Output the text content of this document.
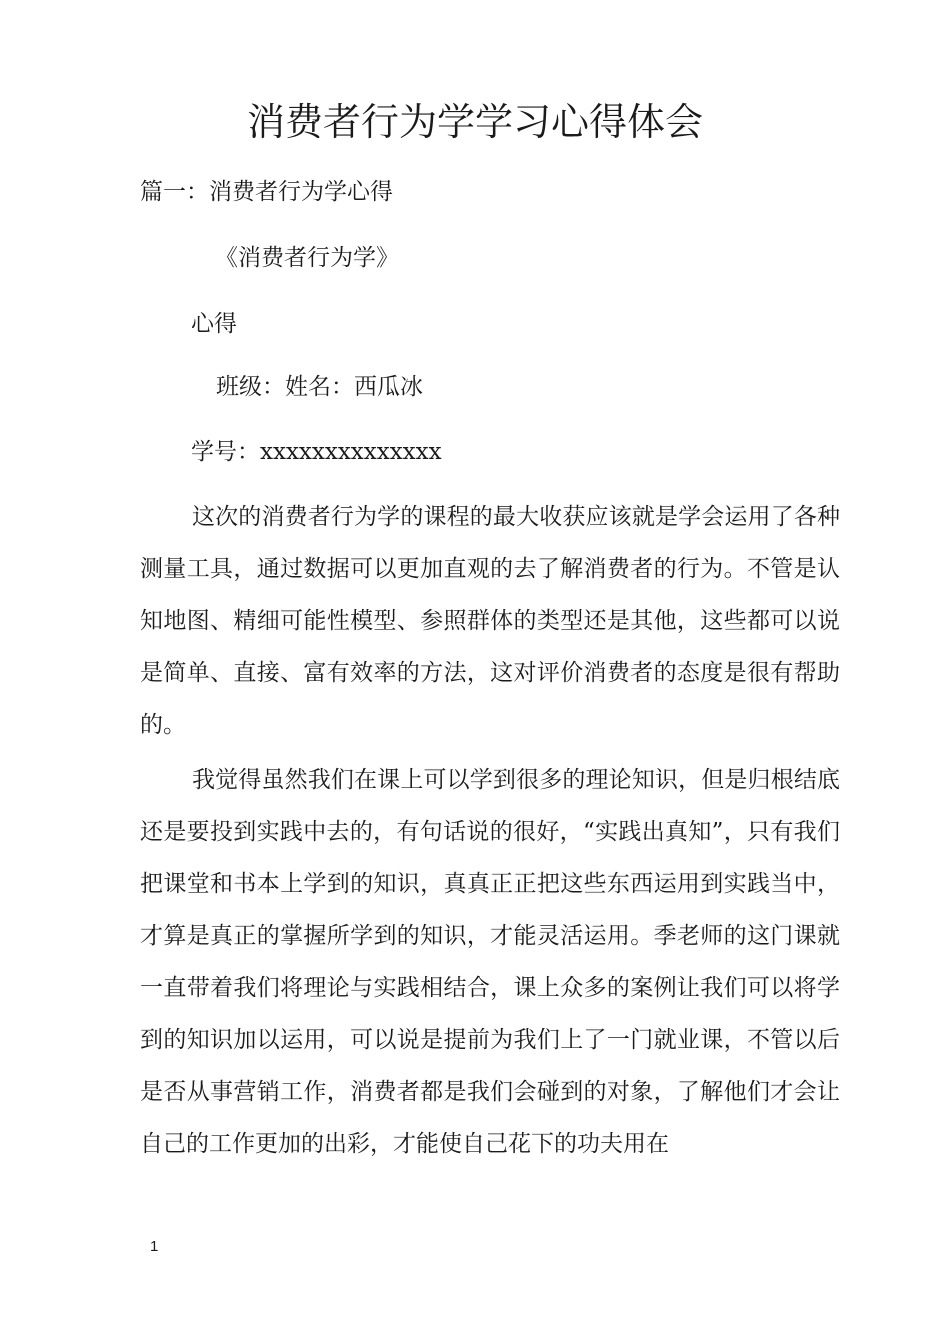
消费者行为学学习心得体会
篇一：消费者行为学心得
《消费者行为学》
心得
班级：姓名：西瓜冰
学号：xxxxxxxxxxxxxx

这次的消费者行为学的课程的最大收获应该就是学会运用了各种测量工具，通过数据可以更加直观的去了解消费者的行为。不管是认知地图、精细可能性模型、参照群体的类型还是其他，这些都可以说是简单、直接、富有效率的方法，这对评价消费者的态度是很有帮助的。

我觉得虽然我们在课上可以学到很多的理论知识，但是归根结底还是要投到实践中去的，有句话说的很好，“实践出真知”，只有我们把课堂和书本上学到的知识，真真正正把这些东西运用到实践当中，才算是真正的掌握所学到的知识，才能灵活运用。季老师的这门课就一直带着我们将理论与实践相结合，课上众多的案例让我们可以将学到的知识加以运用，可以说是提前为我们上了一门就业课，不管以后是否从事营销工作，消费者都是我们会碰到的对象，了解他们才会让自己的工作更加的出彩，才能使自己花下的功夫用在

1
